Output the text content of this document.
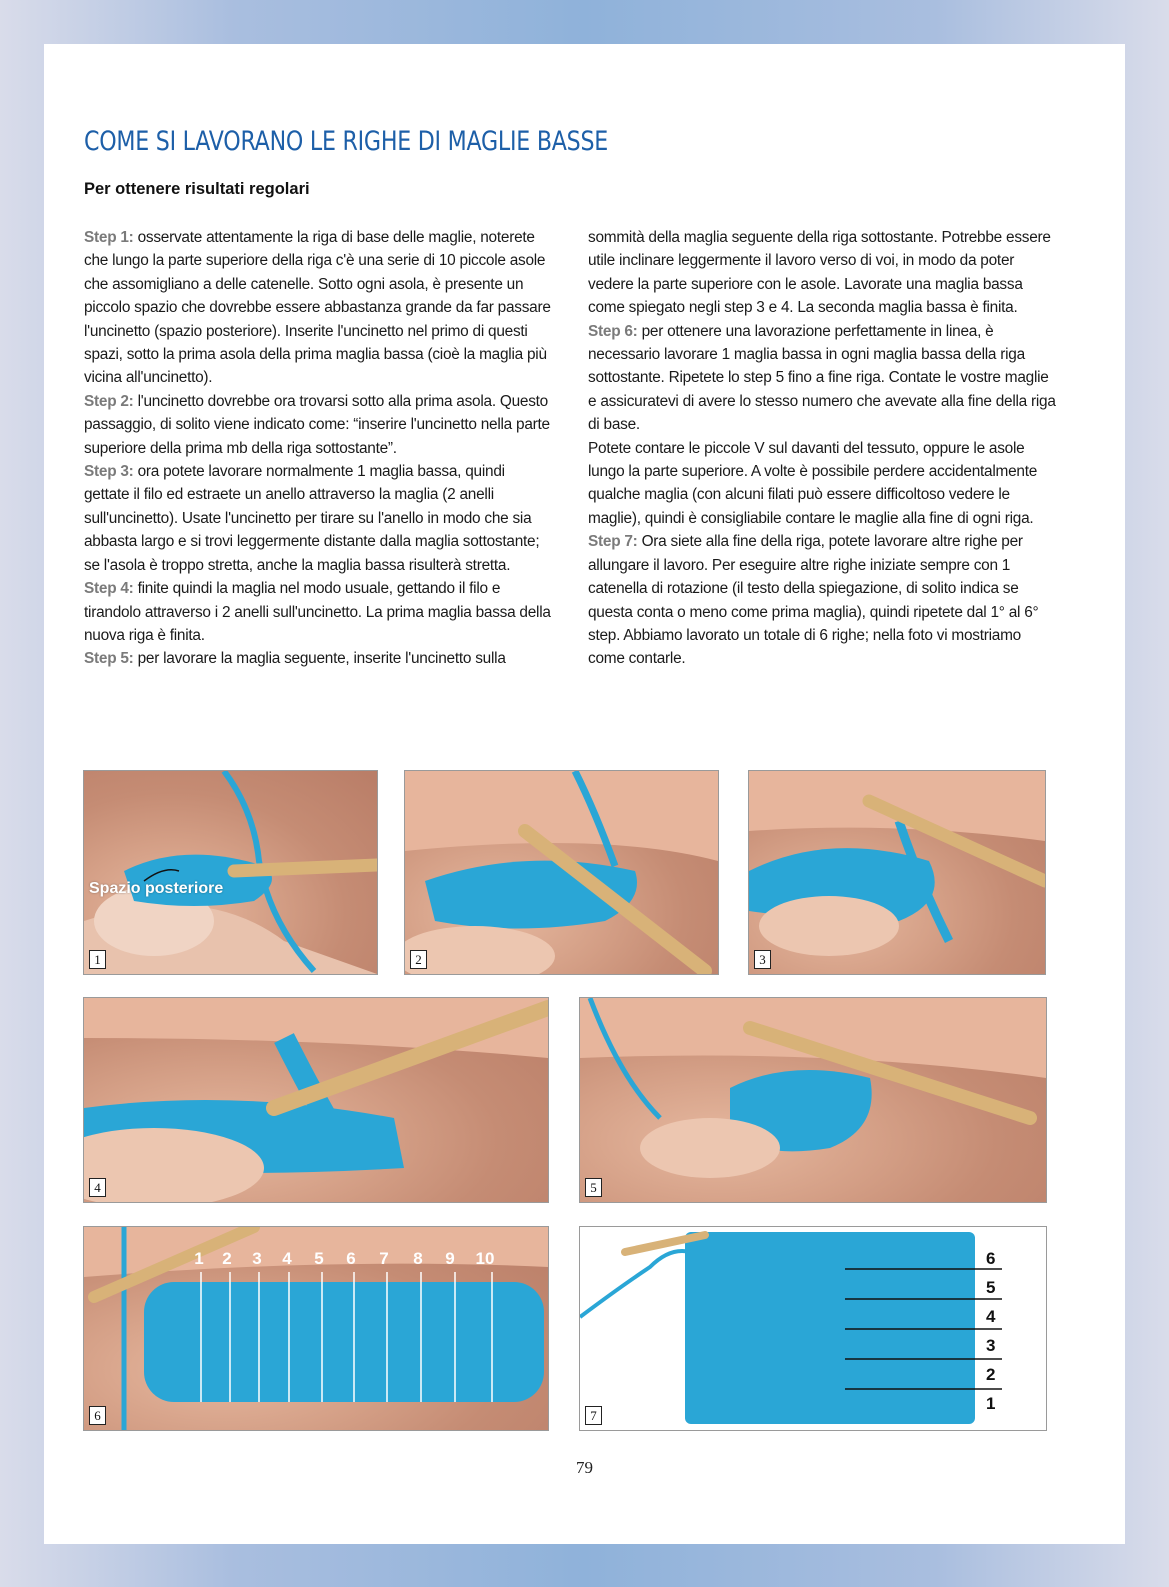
COME SI LAVORANO LE RIGHE DI MAGLIE BASSE
Per ottenere risultati regolari

Step 1: osservate attentamente la riga di base delle maglie, noterete che lungo la parte superiore della riga c'è una serie di 10 piccole asole che assomigliano a delle catenelle. Sotto ogni asola, è presente un piccolo spazio che dovrebbe essere abbastanza grande da far passare l'uncinetto (spazio posteriore). Inserite l'uncinetto nel primo di questi spazi, sotto la prima asola della prima maglia bassa (cioè la maglia più vicina all'uncinetto).

Step 2: l'uncinetto dovrebbe ora trovarsi sotto alla prima asola. Questo passaggio, di solito viene indicato come: “inserire l'uncinetto nella parte superiore della prima mb della riga sottostante”.

Step 3: ora potete lavorare normalmente 1 maglia bassa, quindi gettate il filo ed estraete un anello attraverso la maglia (2 anelli sull'uncinetto). Usate l'uncinetto per tirare su l'anello in modo che sia abbasta largo e si trovi leggermente distante dalla maglia sottostante; se l'asola è troppo stretta, anche la maglia bassa risulterà stretta.

Step 4: finite quindi la maglia nel modo usuale, gettando il filo e tirandolo attraverso i 2 anelli sull'uncinetto. La prima maglia bassa della nuova riga è finita.

Step 5: per lavorare la maglia seguente, inserite l'uncinetto sulla

sommità della maglia seguente della riga sottostante. Potrebbe essere utile inclinare leggermente il lavoro verso di voi, in modo da poter vedere la parte superiore con le asole. Lavorate una maglia bassa come spiegato negli step 3 e 4. La seconda maglia bassa è finita.

Step 6: per ottenere una lavorazione perfettamente in linea, è necessario lavorare 1 maglia bassa in ogni maglia bassa della riga sottostante. Ripetete lo step 5 fino a fine riga. Contate le vostre maglie e assicuratevi di avere lo stesso numero che avevate alla fine della riga di base.

Potete contare le piccole V sul davanti del tessuto, oppure le asole lungo la parte superiore. A volte è possibile perdere accidentalmente qualche maglia (con alcuni filati può essere difficoltoso vedere le maglie), quindi è consigliabile contare le maglie alla fine di ogni riga.

Step 7: Ora siete alla fine della riga, potete lavorare altre righe per allungare il lavoro. Per eseguire altre righe iniziate sempre con 1 catenella di rotazione (il testo della spiegazione, di solito indica se questa conta o meno come prima maglia), quindi ripetete dal 1° al 6° step. Abbiamo lavorato un totale di 6 righe; nella foto vi mostriamo come contarle.

Spazio posteriore
1	2	3
4	5
1 2 3 4 5 6 7 8 9 10
6
6
5
4
3
2
1
7
79
